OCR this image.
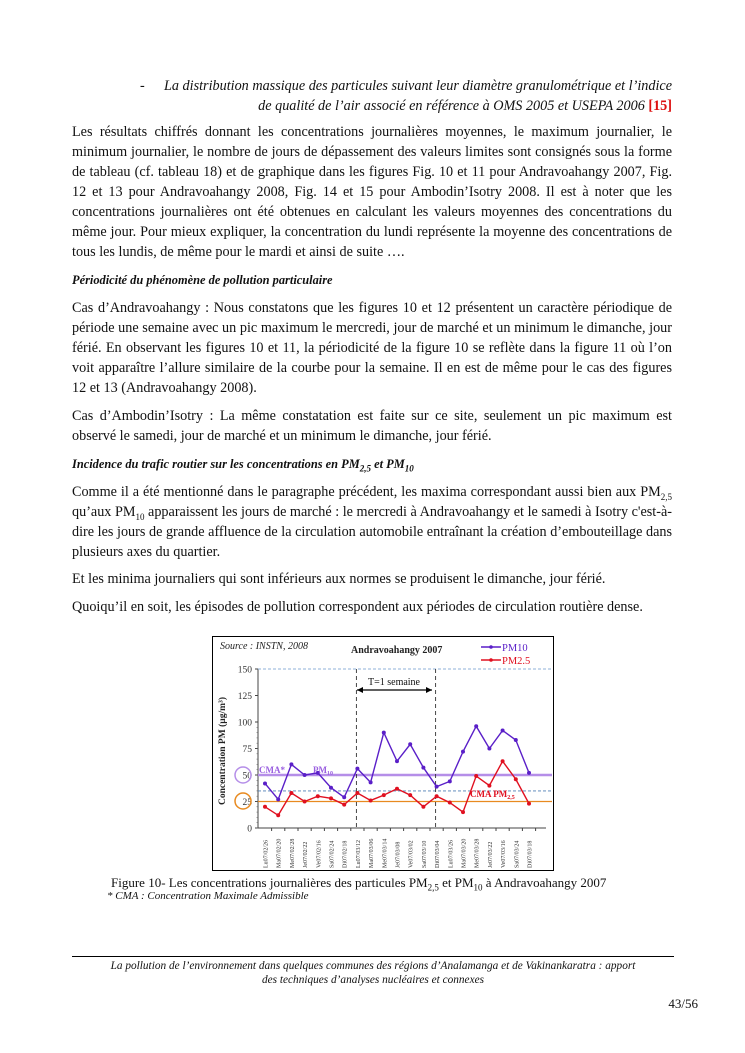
- La distribution massique des particules suivant leur diamètre granulométrique et l’indice de qualité de l’air associé en référence à OMS 2005 et USEPA 2006 [15]

Les résultats chiffrés donnant les concentrations journalières moyennes, le maximum journalier, le minimum journalier, le nombre de jours de dépassement des valeurs limites sont consignés sous la forme de tableau (cf. tableau 18) et de graphique dans les figures Fig. 10 et 11 pour Andravoahangy 2007, Fig. 12 et 13 pour Andravoahangy 2008, Fig. 14 et 15 pour Ambodin’Isotry 2008. Il est à noter que les concentrations journalières ont été obtenues en calculant les valeurs moyennes des concentrations du même jour. Pour mieux expliquer, la concentration du lundi représente la moyenne des concentrations de tous les lundis, de même pour le mardi et ainsi de suite ….

Périodicité du phénomène de pollution particulaire

Cas d’Andravoahangy : Nous constatons que les figures 10 et 12 présentent un caractère périodique de période une semaine avec un pic maximum le mercredi, jour de marché et un minimum le dimanche, jour férié. En observant les figures 10 et 11, la périodicité de la figure 10 se reflète dans la figure 11 où l’on voit apparaître l’allure similaire de la courbe pour la semaine. Il en est de même pour le cas des figures 12 et 13 (Andravoahangy 2008).

Cas d’Ambodin’Isotry : La même constatation est faite sur ce site, seulement un pic maximum est observé le samedi, jour de marché et un minimum le dimanche, jour férié.

Incidence du trafic routier sur les concentrations en $PM_{2,5}$ et $PM_{10}$

Comme il a été mentionné dans le paragraphe précédent, les maxima correspondant aussi bien aux $PM_{2,5}$ qu’aux $PM_{10}$ apparaissent les jours de marché : le mercredi à Andravoahangy et le samedi à Isotry c'est-à-dire les jours de grande affluence de la circulation automobile entraînant la création d’embouteillage dans plusieurs axes du quartier.

Et les minima journaliers qui sont inférieurs aux normes se produisent le dimanche, jour férié.

Quoiqu’il en soit, les épisodes de pollution correspondent aux périodes de circulation routière dense.

Source : INSTN, 2008	Andravoahangy 2007	PM10
PM2.5
0
25
50
75
100
125
150
Lu07/02/26 Ma07/02/20 Me07/02/28 Je07/02/22 Ve07/02/16 Sa07/02/24 Di07/02/18 Lu07/03/12 Ma07/03/06 Me07/03/14 Je07/03/08 Ve07/03/02 Sa07/03/10 Di07/03/04 Lu07/03/26 Ma07/03/20 Me07/03/28 Je07/03/22 Ve07/03/16 Sa07/03/24 Di07/03/18
CMA*	$PM_{10}$
CMA $PM_{2,5}$
Concentration PM (µg/m³)
T=1 semaine
Figure 10- Les concentrations journalières des particules $PM_{2,5}$ et $PM_{10}$ à Andravoahangy 2007
* CMA : Concentration Maximale Admissible
La pollution de l’environnement dans quelques communes des régions d’Analamanga et de Vakinankaratra : apport
des techniques d’analyses nucléaires et connexes
43/56
